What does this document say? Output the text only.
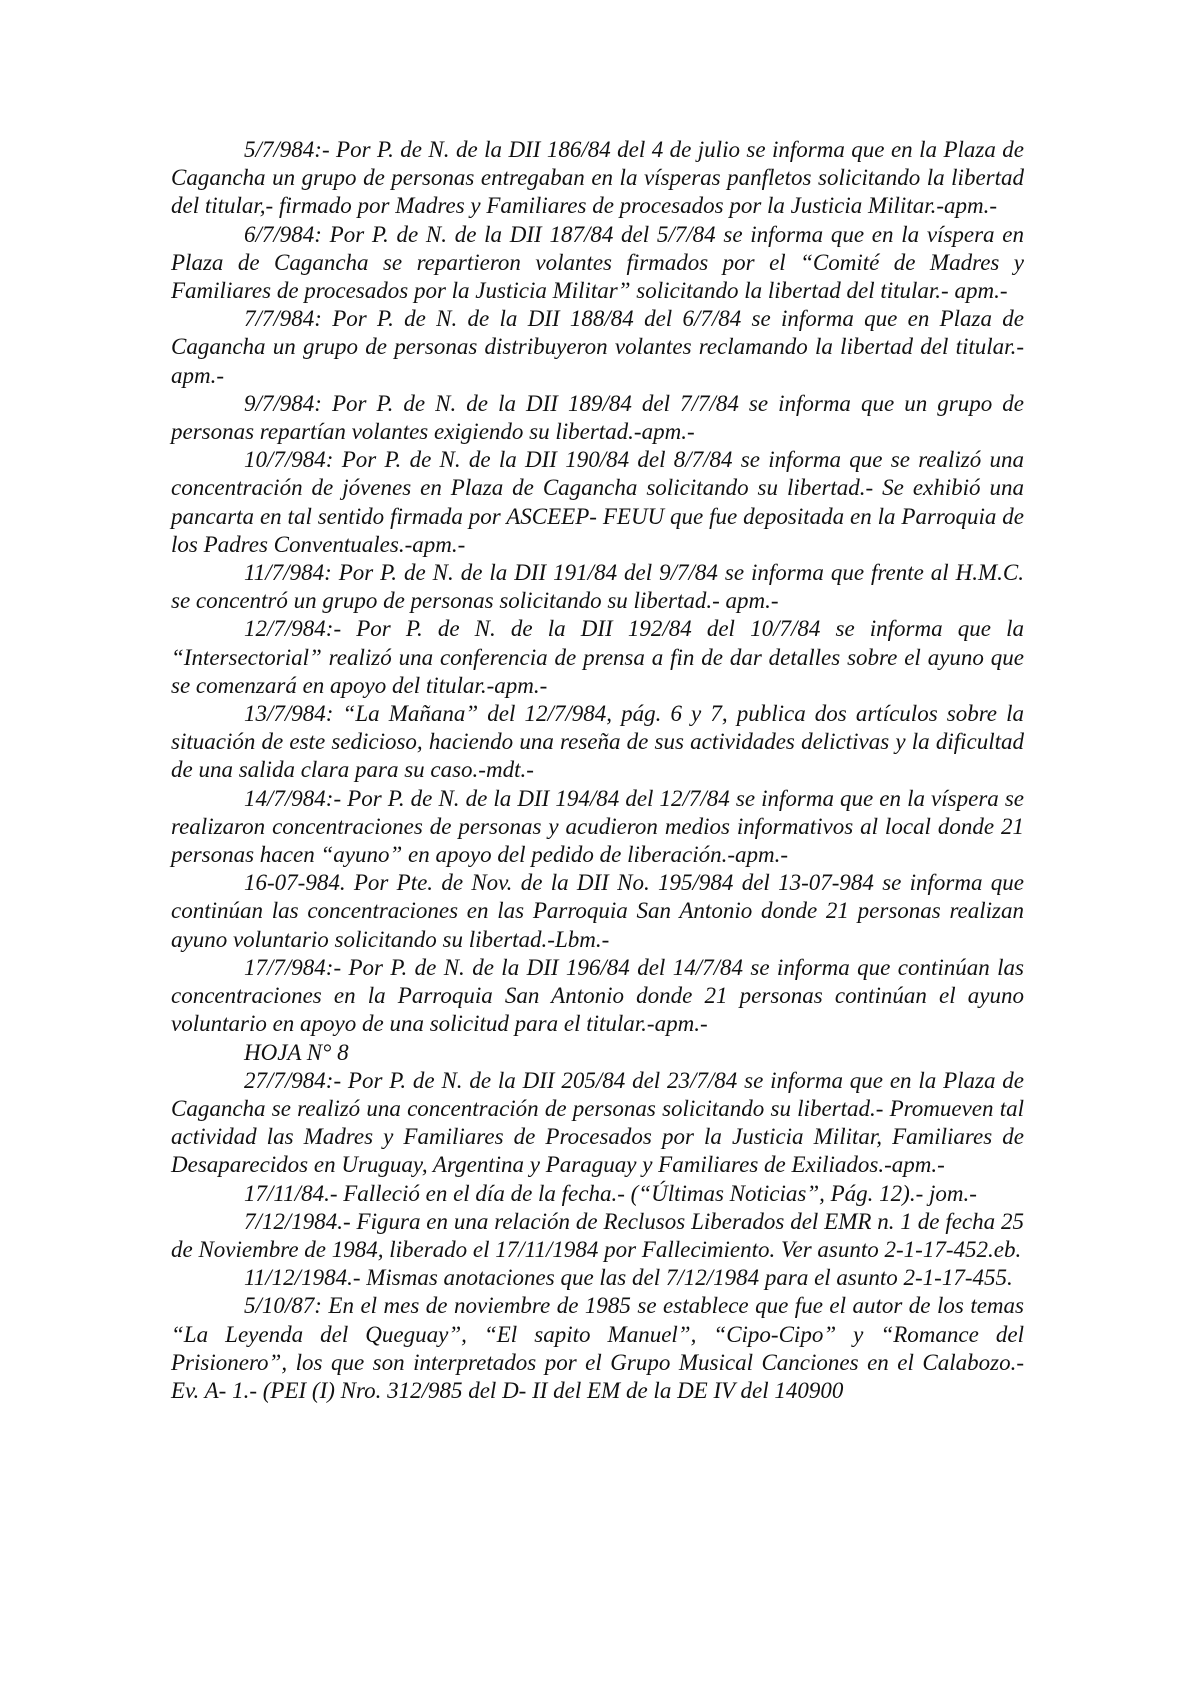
5/7/984:- Por P. de N. de la DII 186/84 del 4 de julio se informa que en la Plaza de Cagancha un grupo de personas entregaban en la vísperas panfletos solicitando la libertad del titular,- firmado por Madres y Familiares de procesados por la Justicia Militar.-apm.-

6/7/984: Por P. de N. de la DII 187/84 del 5/7/84 se informa que en la víspera en Plaza de Cagancha se repartieron volantes firmados por el “Comité de Madres y Familiares de procesados por la Justicia Militar” solicitando la libertad del titular.- apm.-

7/7/984: Por P. de N. de la DII 188/84 del 6/7/84 se informa que en Plaza de Cagancha un grupo de personas distribuyeron volantes reclamando la libertad del titular.-apm.-

9/7/984: Por P. de N. de la DII 189/84 del 7/7/84 se informa que un grupo de personas repartían volantes exigiendo su libertad.-apm.-

10/7/984: Por P. de N. de la DII 190/84 del 8/7/84 se informa que se realizó una concentración de jóvenes en Plaza de Cagancha solicitando su libertad.- Se exhibió una pancarta en tal sentido firmada por ASCEEP- FEUU que fue depositada en la Parroquia de los Padres Conventuales.-apm.-

11/7/984: Por P. de N. de la DII 191/84 del 9/7/84 se informa que frente al H.M.C. se concentró un grupo de personas solicitando su libertad.- apm.-

12/7/984:- Por P. de N. de la DII 192/84 del 10/7/84 se informa que la “Intersectorial” realizó una conferencia de prensa a fin de dar detalles sobre el ayuno que se comenzará en apoyo del titular.-apm.-

13/7/984: “La Mañana” del 12/7/984, pág. 6 y 7, publica dos artículos sobre la situación de este sedicioso, haciendo una reseña de sus actividades delictivas y la dificultad de una salida clara para su caso.-mdt.-

14/7/984:- Por P. de N. de la DII 194/84 del 12/7/84 se informa que en la víspera se realizaron concentraciones de personas y acudieron medios informativos al local donde 21 personas hacen “ayuno” en apoyo del pedido de liberación.-apm.-

16-07-984. Por Pte. de Nov. de la DII No. 195/984 del 13-07-984 se informa que continúan las concentraciones en las Parroquia San Antonio donde 21 personas realizan ayuno voluntario solicitando su libertad.-Lbm.-

17/7/984:- Por P. de N. de la DII 196/84 del 14/7/84 se informa que continúan las concentraciones en la Parroquia San Antonio donde 21 personas continúan el ayuno voluntario en apoyo de una solicitud para el titular.-apm.-

HOJA N° 8

27/7/984:- Por P. de N. de la DII 205/84 del 23/7/84 se informa que en la Plaza de Cagancha se realizó una concentración de personas solicitando su libertad.- Promueven tal actividad las Madres y Familiares de Procesados por la Justicia Militar, Familiares de Desaparecidos en Uruguay, Argentina y Paraguay y Familiares de Exiliados.-apm.-

17/11/84.- Falleció en el día de la fecha.- (“Últimas Noticias”, Pág. 12).- jom.-

7/12/1984.- Figura en una relación de Reclusos Liberados del EMR n. 1 de fecha 25 de Noviembre de 1984, liberado el 17/11/1984 por Fallecimiento. Ver asunto 2-1-17-452.eb.

11/12/1984.- Mismas anotaciones que las del 7/12/1984 para el asunto 2-1-17-455.

5/10/87: En el mes de noviembre de 1985 se establece que fue el autor de los temas “La Leyenda del Queguay”, “El sapito Manuel”, “Cipo-Cipo” y “Romance del Prisionero”, los que son interpretados por el Grupo Musical Canciones en el Calabozo.- Ev. A- 1.- (PEI (I) Nro. 312/985 del D- II del EM de la DE IV del 140900
